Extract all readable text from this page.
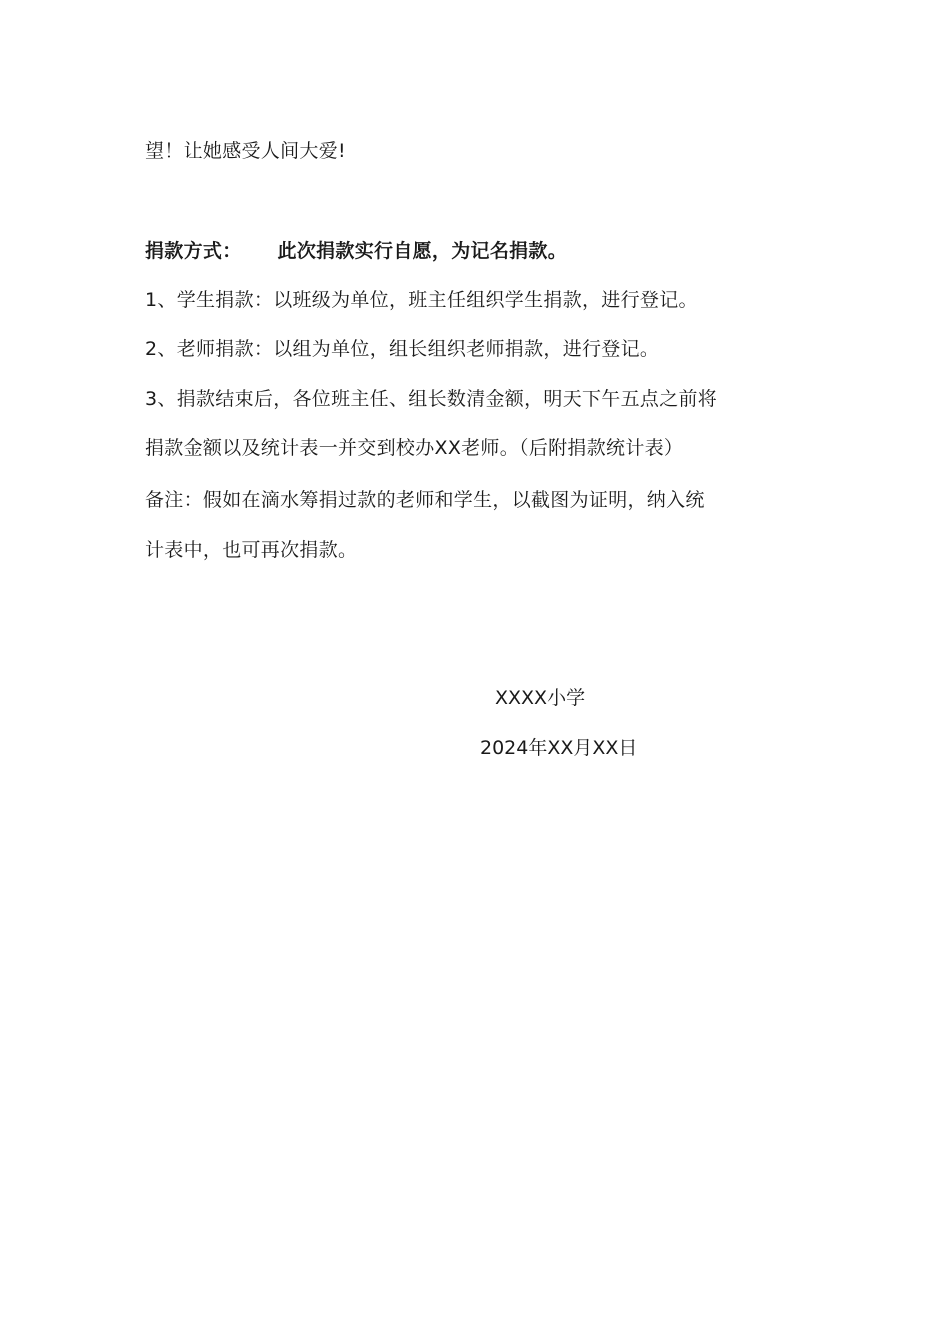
望！让她感受人间大爱!
捐款方式： 此次捐款实行自愿，为记名捐款。
1、学生捐款：以班级为单位，班主任组织学生捐款，进行登记。
2、老师捐款：以组为单位，组长组织老师捐款，进行登记。
3、捐款结束后，各位班主任、组长数清金额，明天下午五点之前将
捐款金额以及统计表一并交到校办XX老师。（后附捐款统计表）
备注：假如在滴水筹捐过款的老师和学生，以截图为证明，纳入统
计表中，也可再次捐款。
XXXX小学
2024年XX月XX日
